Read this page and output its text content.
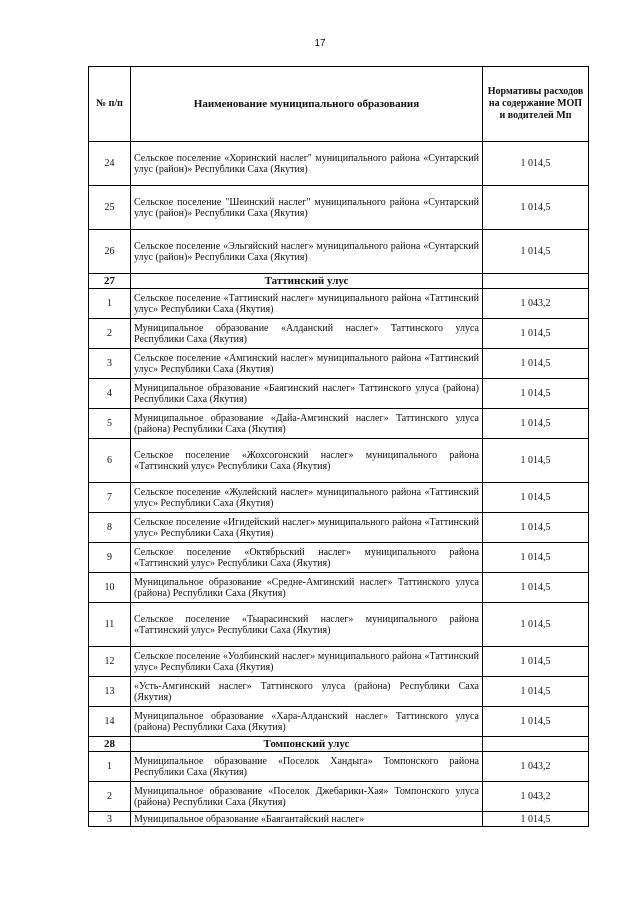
17
№ п/п	Наименование муниципального образования	Нормативы расходов на содержание МОП и водителей Мп
24	Сельское поселение «Хоринский наслег" муниципального района «Сунтарский улус (район)» Республики Саха (Якутия)	1 014,5
25	Сельское поселение "Шеинский наслег" муниципального района «Сунтарский улус (район)» Республики Саха (Якутия)	1 014,5
26	Сельское поселение «Эльгяйский наслег» муниципального района «Сунтарский улус (район)» Республики Саха (Якутия)	1 014,5
27	Таттинский улус	
1	Сельское поселение «Таттинский наслег» муниципального района «Таттинский улус» Республики Саха (Якутия)	1 043,2
2	Муниципальное образование «Алданский наслег» Таттинского улуса Республики Саха (Якутия)	1 014,5
3	Сельское поселение «Амгинский наслег» муниципального района «Таттинский улус» Республики Саха (Якутия)	1 014,5
4	Муниципальное образование «Баягинский наслег» Таттинского улуса (района) Республики Саха (Якутия)	1 014,5
5	Муниципальное образование «Дайа-Амгинский наслег» Таттинского улуса (района) Республики Саха (Якутия)	1 014,5
6	Сельское поселение «Жохсогонский наслег» муниципального района «Таттинский улус» Республики Саха (Якутия)	1 014,5
7	Сельское поселение «Жулейский наслег» муниципального района «Таттинский улус» Республики Саха (Якутия)	1 014,5
8	Сельское поселение «Игидейский наслег» муниципального района «Таттинский улус» Республики Саха (Якутия)	1 014,5
9	Сельское поселение «Октябрьский наслег» муниципального района «Таттинский улус» Республики Саха (Якутия)	1 014,5
10	Муниципальное образование «Средне-Амгинский наслег» Таттинского улуса (района) Республики Саха (Якутия)	1 014,5
11	Сельское поселение «Тыарасинский наслег» муниципального района «Таттинский улус» Республики Саха (Якутия)	1 014,5
12	Сельское поселение «Уолбинский наслег» муниципального района «Таттинский улус» Республики Саха (Якутия)	1 014,5
13	«Усть-Амгинский наслег» Таттинского улуса (района) Республики Саха (Якутия)	1 014,5
14	Муниципальное образование «Хара-Алданский наслег» Таттинского улуса (района) Республики Саха (Якутия)	1 014,5
28	Томпонский улус	
1	Муниципальное образование «Поселок Хандыга» Томпонского района Республики Саха (Якутия)	1 043,2
2	Муниципальное образование «Поселок Джебарики-Хая» Томпонского улуса (района) Республики Саха (Якутия)	1 043,2
3	Муниципальное образование «Баягантайский наслег»	1 014,5
